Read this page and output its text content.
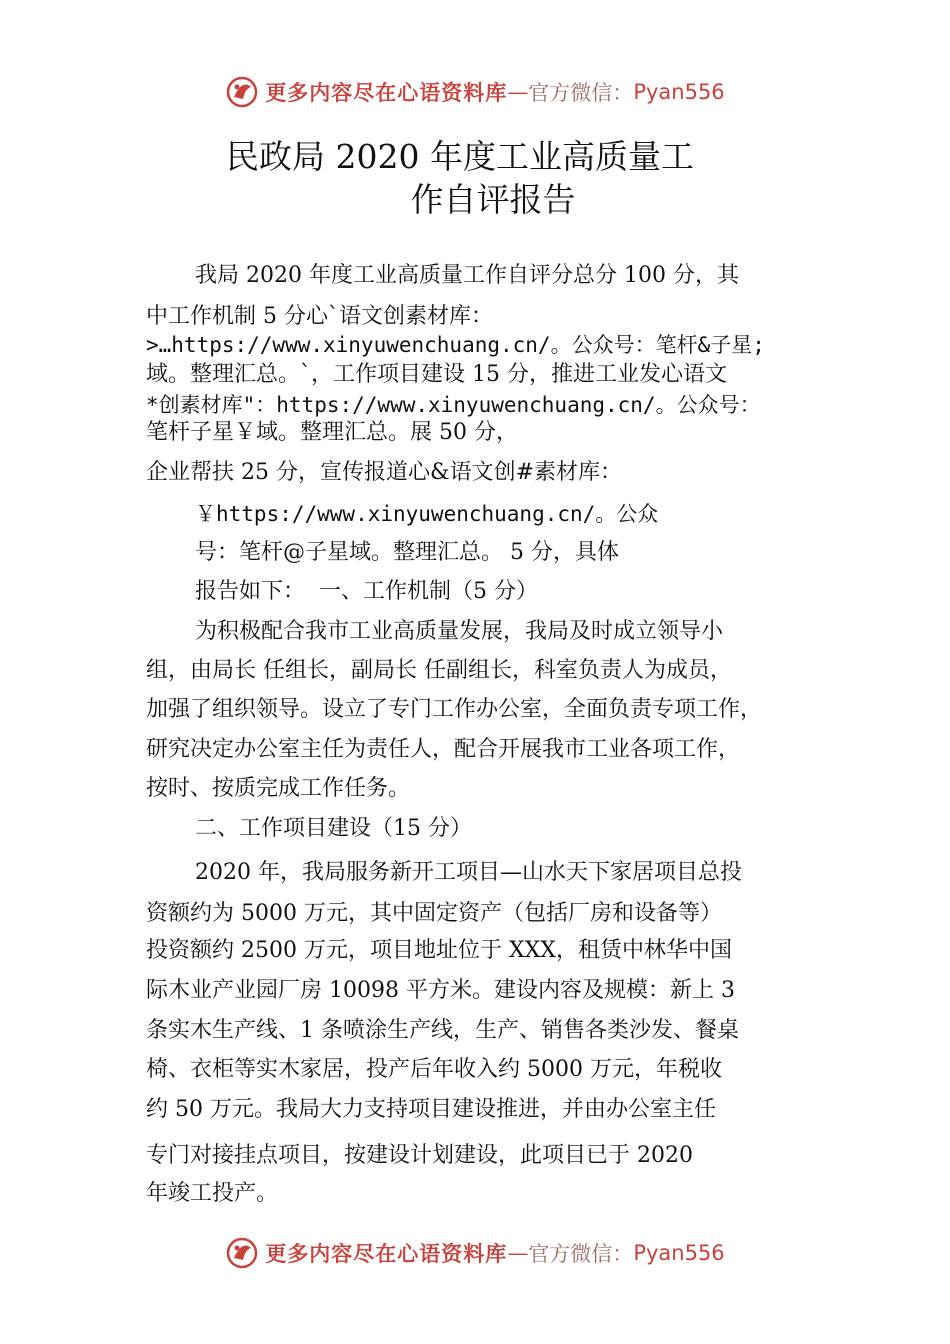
更多内容尽在心语资料库 — 官方微信： Pyan556
民政局 2020 年度工业高质量工
作自评报告
我局 2020 年度工业高质量工作自评分总分 100 分，其
中工作机制 5 分心`语文创素材库：
>…https://www.xinyuwenchuang.cn/。公众号：笔杆&子星;
域。整理汇总。`，工作项目建设 15 分，推进工业发心语文
*创素材库"：https://www.xinyuwenchuang.cn/。公众号：
笔杆子星￥域。整理汇总。展 50 分，
企业帮扶 25 分，宣传报道心&语文创#素材库：
￥https://www.xinyuwenchuang.cn/。公众
号：笔杆@子星域。整理汇总。 5 分，具体
报告如下：  一、工作机制（5 分）
为积极配合我市工业高质量发展，我局及时成立领导小
组，由局长 任组长，副局长 任副组长，科室负责人为成员，
加强了组织领导。设立了专门工作办公室，全面负责专项工作，
研究决定办公室主任为责任人，配合开展我市工业各项工作，
按时、按质完成工作任务。
二、工作项目建设（15 分）
2020 年，我局服务新开工项目—山水天下家居项目总投
资额约为 5000 万元，其中固定资产（包括厂房和设备等）
投资额约 2500 万元，项目地址位于 XXX，租赁中林华中国
际木业产业园厂房 10098 平方米。建设内容及规模：新上 3
条实木生产线、1 条喷涂生产线，生产、销售各类沙发、餐桌
椅、衣柜等实木家居，投产后年收入约 5000 万元，年税收
约 50 万元。我局大力支持项目建设推进，并由办公室主任
专门对接挂点项目，按建设计划建设，此项目已于 2020
年竣工投产。
更多内容尽在心语资料库 — 官方微信： Pyan556
